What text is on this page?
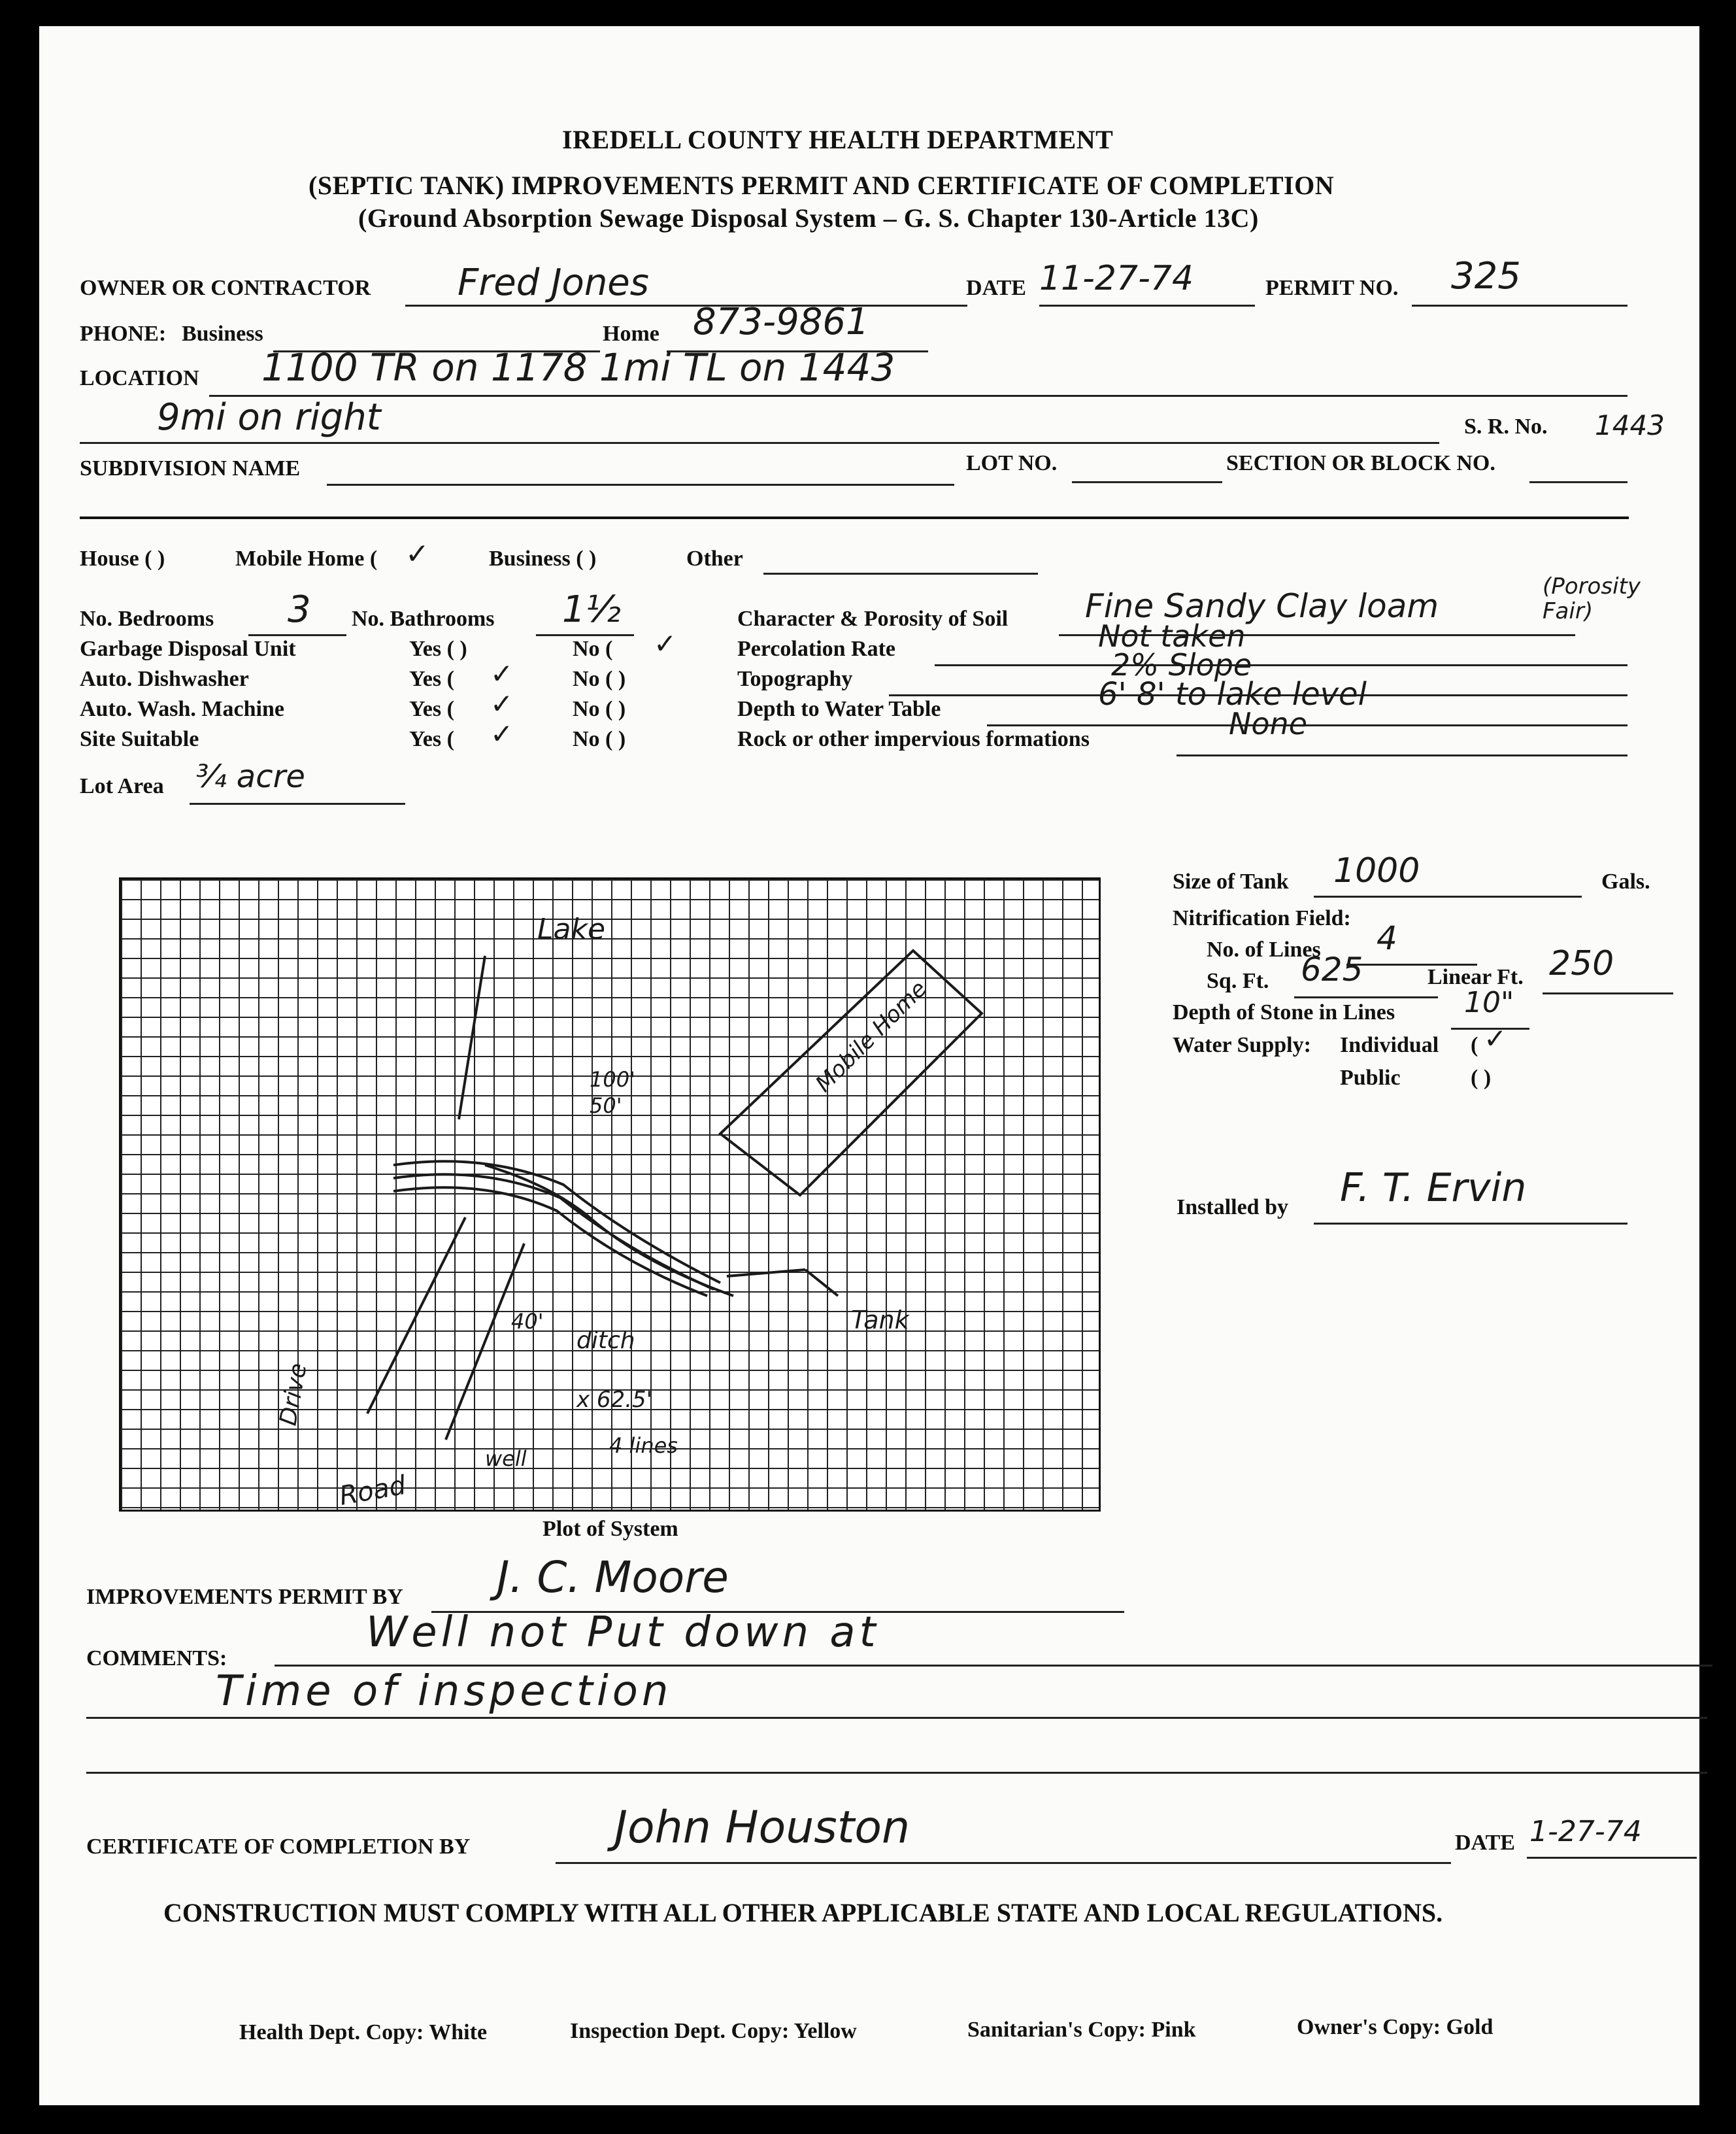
IREDELL COUNTY HEALTH DEPARTMENT
(SEPTIC TANK) IMPROVEMENTS PERMIT AND CERTIFICATE OF COMPLETION
(Ground Absorption Sewage Disposal System – G. S. Chapter 130-Article 13C)
OWNER OR CONTRACTOR Fred Jones	DATE 11-27-74	PERMIT NO. 325
PHONE: Business	Home 873-9861
LOCATION 1100 TR on 1178 1mi TL on 1443
9mi on right	S. R. No. 1443
SUBDIVISION NAME	LOT NO.	SECTION OR BLOCK NO.
House ( )	Mobile Home ( ✓	Business ( )	Other
No. Bedrooms 3 No. Bathrooms 1½
Garbage Disposal Unit	Yes ( )	No ( ✓
Auto. Dishwasher	Yes ( ✓	No ( )
Auto. Wash. Machine	Yes ( ✓	No ( )
Site Suitable	Yes ( ✓	No ( )
Lot Area ¾ acre
Character & Porosity of Soil Fine Sandy Clay loam
(Porosity Fair)
Percolation Rate	Not taken
Topography	2% Slope
Depth to Water Table	6' 8' to lake level
Rock or other impervious formations	None
Lake
Mobile Home
Tank
Drive
Road
ditch
well
100'
50'
40'
4 lines
x 62.5'
Plot of System
Size of Tank 1000	Gals.
Nitrification Field:
No. of Lines 4
Sq. Ft. 625	Linear Ft. 250
Depth of Stone in Lines 10"
Water Supply: Individual ( ✓
Public	( )
Installed by F. T. Ervin
IMPROVEMENTS PERMIT BY J. C. Moore
COMMENTS:
Well not Put down at
Time of inspection
CERTIFICATE OF COMPLETION BY	John Houston	DATE 1-27-74
CONSTRUCTION MUST COMPLY WITH ALL OTHER APPLICABLE STATE AND LOCAL REGULATIONS.
Health Dept. Copy: White	Inspection Dept. Copy: Yellow	Sanitarian's Copy: Pink	Owner's Copy: Gold
